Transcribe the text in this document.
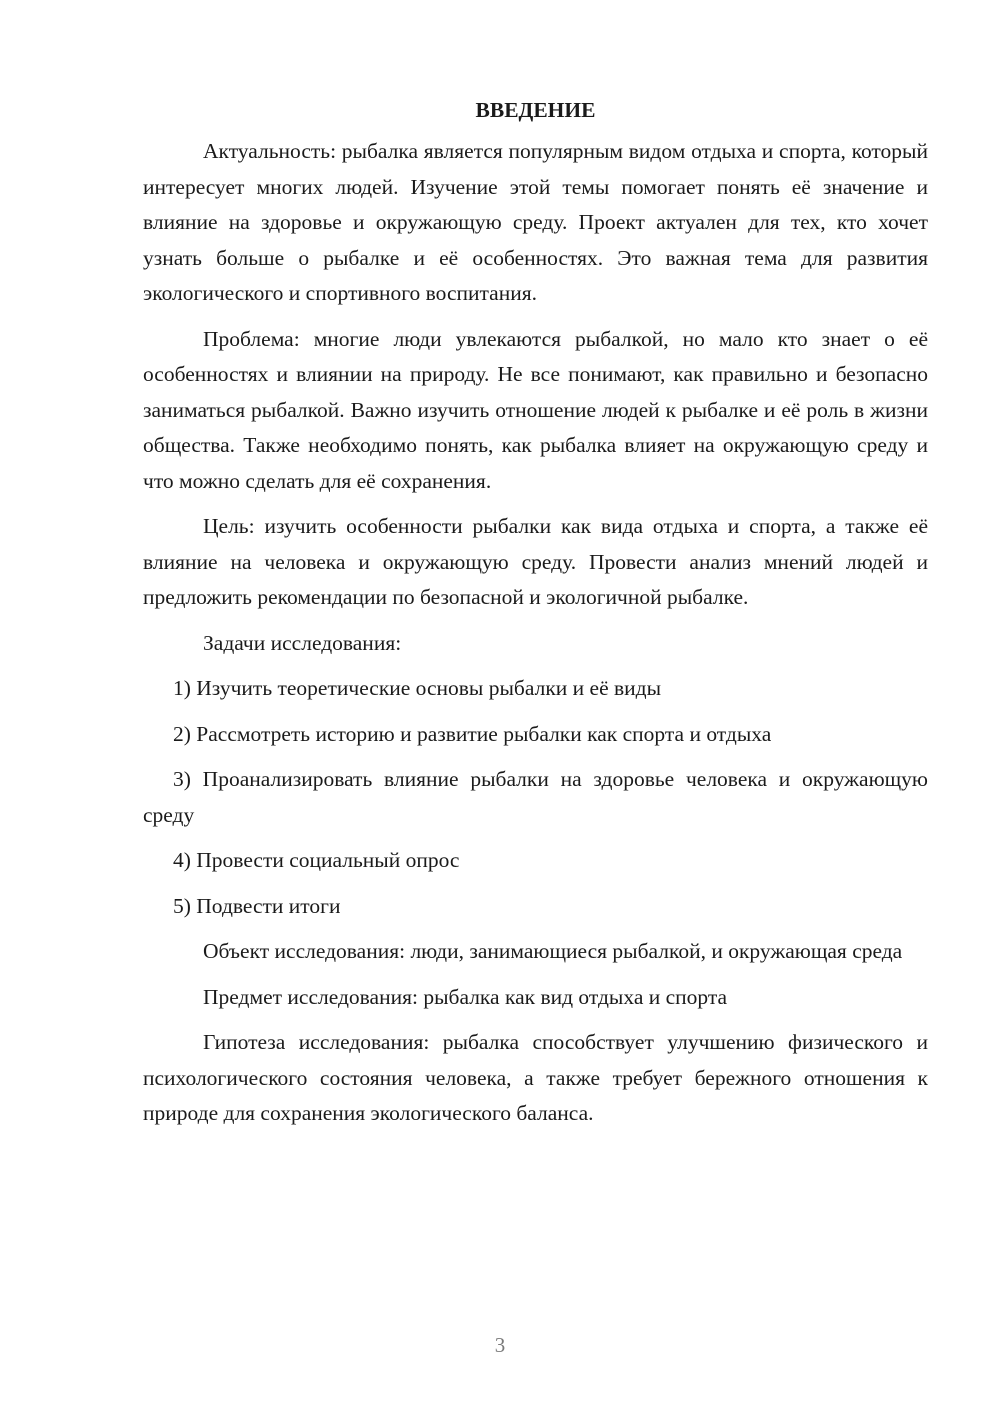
ВВЕДЕНИЕ

Актуальность: рыбалка является популярным видом отдыха и спорта, который интересует многих людей. Изучение этой темы помогает понять её значение и влияние на здоровье и окружающую среду. Проект актуален для тех, кто хочет узнать больше о рыбалке и её особенностях. Это важная тема для развития экологического и спортивного воспитания.

Проблема: многие люди увлекаются рыбалкой, но мало кто знает о её особенностях и влиянии на природу. Не все понимают, как правильно и безопасно заниматься рыбалкой. Важно изучить отношение людей к рыбалке и её роль в жизни общества. Также необходимо понять, как рыбалка влияет на окружающую среду и что можно сделать для её сохранения.

Цель: изучить особенности рыбалки как вида отдыха и спорта, а также её влияние на человека и окружающую среду. Провести анализ мнений людей и предложить рекомендации по безопасной и экологичной рыбалке.

Задачи исследования:

1) Изучить теоретические основы рыбалки и её виды

2) Рассмотреть историю и развитие рыбалки как спорта и отдыха

3) Проанализировать влияние рыбалки на здоровье человека и окружающую среду

4) Провести социальный опрос

5) Подвести итоги

Объект исследования: люди, занимающиеся рыбалкой, и окружающая среда

Предмет исследования: рыбалка как вид отдыха и спорта

Гипотеза исследования: рыбалка способствует улучшению физического и психологического состояния человека, а также требует бережного отношения к природе для сохранения экологического баланса.

3
